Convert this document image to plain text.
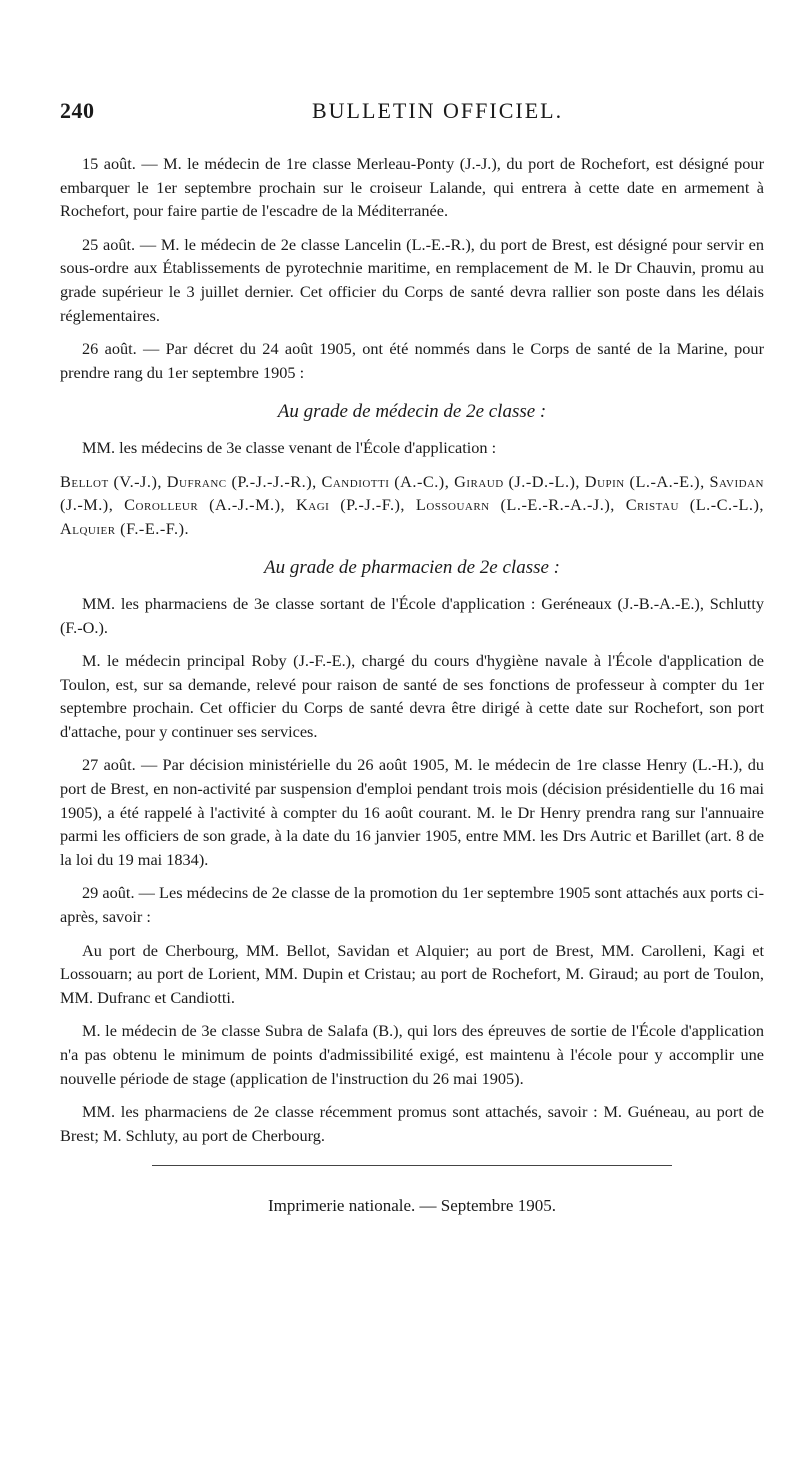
240	BULLETIN OFFICIEL.

15 août. — M. le médecin de 1re classe Merleau-Ponty (J.-J.), du port de Rochefort, est désigné pour embarquer le 1er septembre prochain sur le croiseur Lalande, qui entrera à cette date en armement à Rochefort, pour faire partie de l'escadre de la Méditerranée.

25 août. — M. le médecin de 2e classe Lancelin (L.-E.-R.), du port de Brest, est désigné pour servir en sous-ordre aux Établissements de pyrotechnie maritime, en remplacement de M. le Dr Chauvin, promu au grade supérieur le 3 juillet dernier. Cet officier du Corps de santé devra rallier son poste dans les délais réglementaires.

26 août. — Par décret du 24 août 1905, ont été nommés dans le Corps de santé de la Marine, pour prendre rang du 1er septembre 1905 :

Au grade de médecin de 2e classe :

MM. les médecins de 3e classe venant de l'École d'application :

Bellot (V.-J.), Dufranc (P.-J.-J.-R.), Candiotti (A.-C.), Giraud (J.-D.-L.), Dupin (L.-A.-E.), Savidan (J.-M.), Corolleur (A.-J.-M.), Kagi (P.-J.-F.), Lossouarn (L.-E.-R.-A.-J.), Cristau (L.-C.-L.), Alquier (F.-E.-F.).

Au grade de pharmacien de 2e classe :

MM. les pharmaciens de 3e classe sortant de l'École d'application : Geréneaux (J.-B.-A.-E.), Schlutty (F.-O.).

M. le médecin principal Roby (J.-F.-E.), chargé du cours d'hygiène navale à l'École d'application de Toulon, est, sur sa demande, relevé pour raison de santé de ses fonctions de professeur à compter du 1er septembre prochain. Cet officier du Corps de santé devra être dirigé à cette date sur Rochefort, son port d'attache, pour y continuer ses services.

27 août. — Par décision ministérielle du 26 août 1905, M. le médecin de 1re classe Henry (L.-H.), du port de Brest, en non-activité par suspension d'emploi pendant trois mois (décision présidentielle du 16 mai 1905), a été rappelé à l'activité à compter du 16 août courant. M. le Dr Henry prendra rang sur l'annuaire parmi les officiers de son grade, à la date du 16 janvier 1905, entre MM. les Drs Autric et Barillet (art. 8 de la loi du 19 mai 1834).

29 août. — Les médecins de 2e classe de la promotion du 1er septembre 1905 sont attachés aux ports ci-après, savoir :

Au port de Cherbourg, MM. Bellot, Savidan et Alquier; au port de Brest, MM. Carolleni, Kagi et Lossouarn; au port de Lorient, MM. Dupin et Cristau; au port de Rochefort, M. Giraud; au port de Toulon, MM. Dufranc et Candiotti.

M. le médecin de 3e classe Subra de Salafa (B.), qui lors des épreuves de sortie de l'École d'application n'a pas obtenu le minimum de points d'admissibilité exigé, est maintenu à l'école pour y accomplir une nouvelle période de stage (application de l'instruction du 26 mai 1905).

MM. les pharmaciens de 2e classe récemment promus sont attachés, savoir : M. Guéneau, au port de Brest; M. Schluty, au port de Cherbourg.

Imprimerie nationale. — Septembre 1905.
